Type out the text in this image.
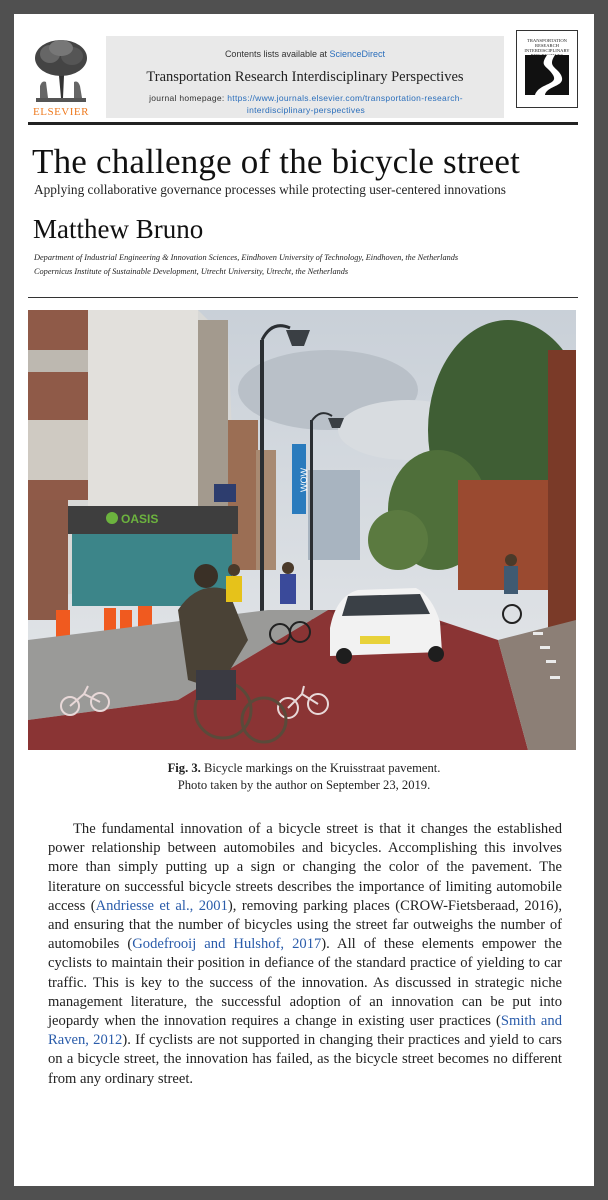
ELSEVIER
Contents lists available at ScienceDirect
Transportation Research Interdisciplinary Perspectives
journal homepage: https://www.journals.elsevier.com/transportation-research-interdisciplinary-perspectives
TRANSPORTATION RESEARCH INTERDISCIPLINARY
The challenge of the bicycle street
Applying collaborative governance processes while protecting user-centered innovations
Matthew Bruno
Department of Industrial Engineering & Innovation Sciences, Eindhoven University of Technology, Eindhoven, the Netherlands
Copernicus Institute of Sustainable Development, Utrecht University, Utrecht, the Netherlands
OASIS
WOW
Fig. 3. Bicycle markings on the Kruisstraat pavement.
Photo taken by the author on September 23, 2019.

The fundamental innovation of a bicycle street is that it changes the established power relationship between automobiles and bicycles. Accomplishing this involves more than simply putting up a sign or changing the color of the pavement. The literature on successful bicycle streets describes the importance of limiting automobile access (Andriesse et al., 2001), removing parking places (CROW-Fietsberaad, 2016), and ensuring that the number of bicycles using the street far outweighs the number of automobiles (Godefrooij and Hulshof, 2017). All of these elements empower the cyclists to maintain their position in defiance of the standard practice of yielding to car traffic. This is key to the success of the innovation. As discussed in strategic niche management literature, the successful adoption of an innovation can be put into jeopardy when the innovation requires a change in existing user practices (Smith and Raven, 2012). If cyclists are not supported in changing their practices and yield to cars on a bicycle street, the innovation has failed, as the bicycle street becomes no different from any ordinary street.
